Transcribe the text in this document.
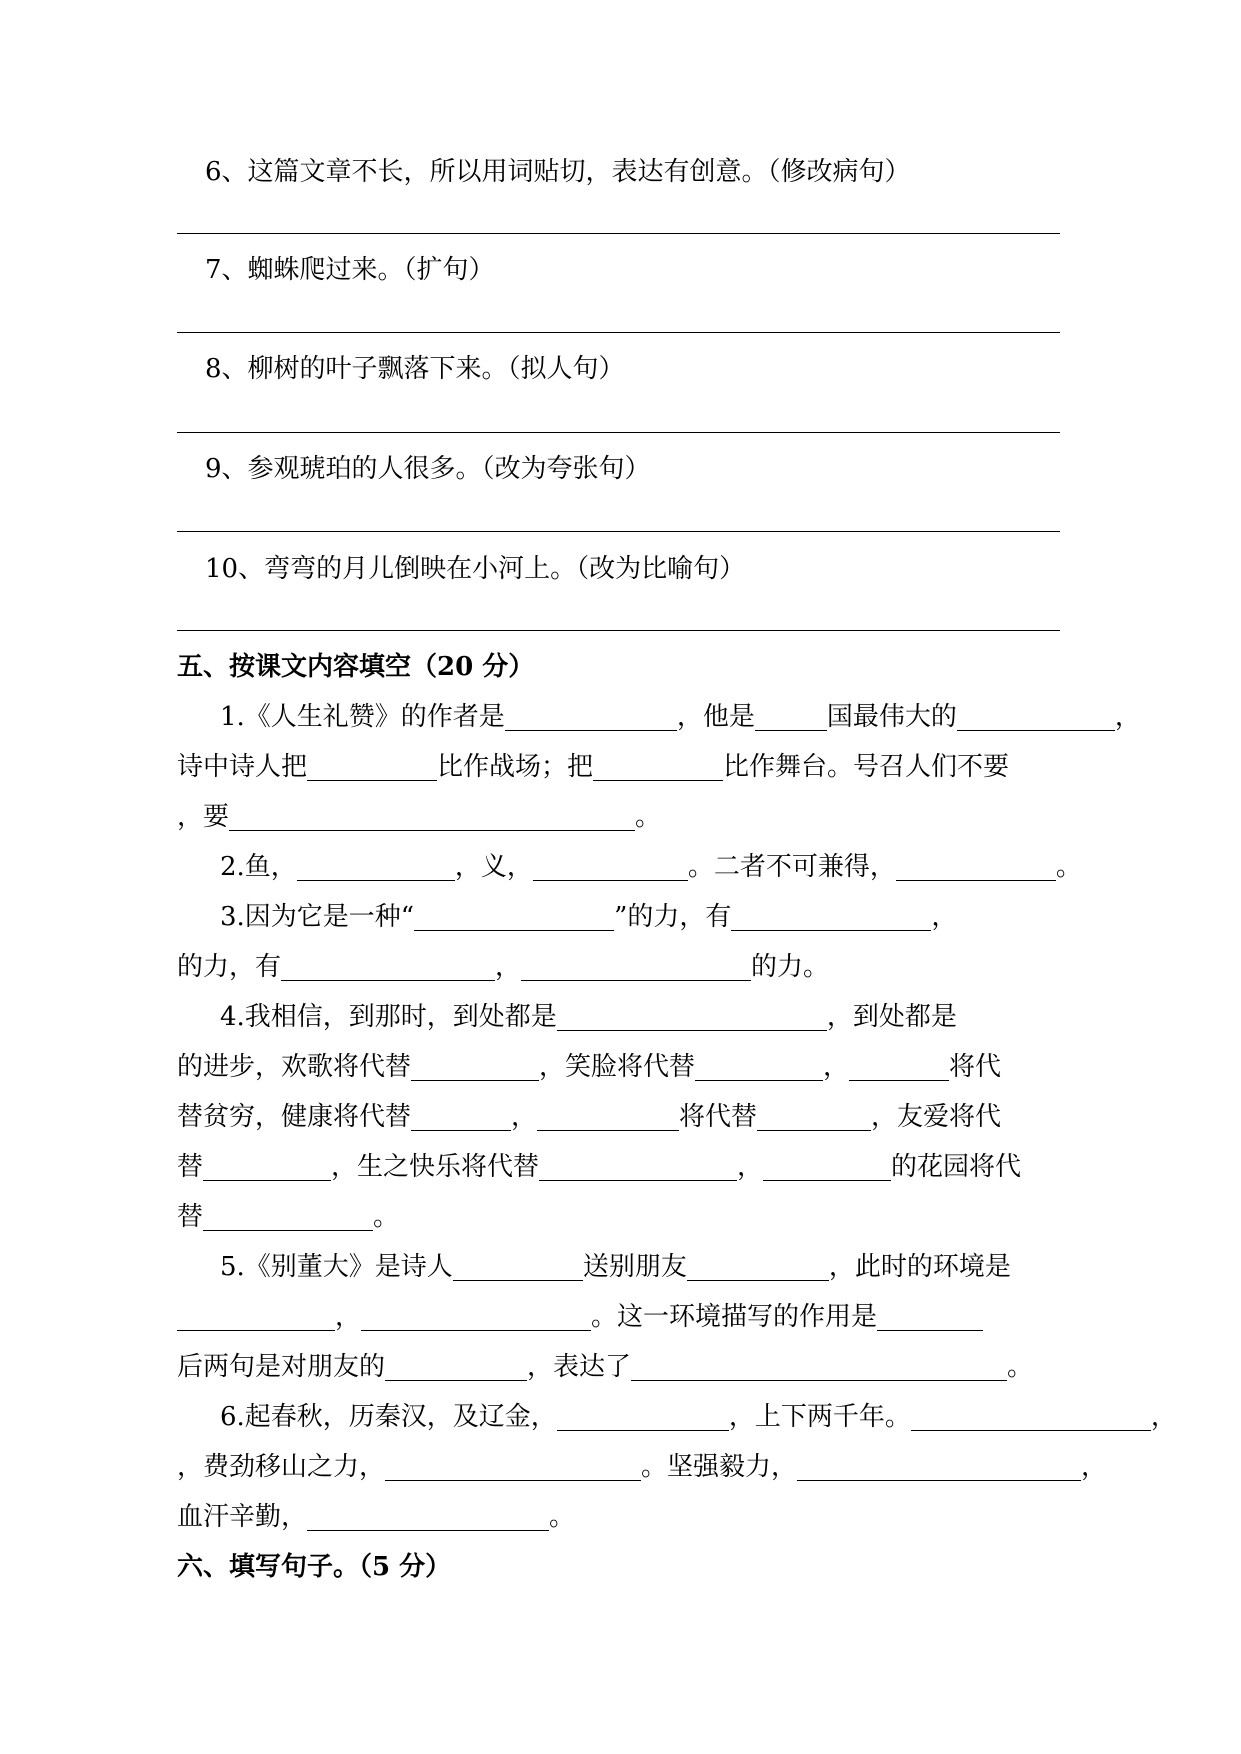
6、这篇文章不长，所以用词贴切，表达有创意。（修改病句）
7、蜘蛛爬过来。（扩句）
8、柳树的叶子飘落下来。（拟人句）
9、参观琥珀的人很多。（改为夸张句）
10、弯弯的月儿倒映在小河上。（改为比喻句）
五、按课文内容填空（20 分）
1.《人生礼赞》的作者是	，他是	国最伟大的	，
诗中诗人把	比作战场；把	比作舞台。号召人们不要
，要	。
2.鱼，	，义，	。二者不可兼得，	。
3.因为它是一种“	”的力，有	，
的力，有	，	的力。
4.我相信，到那时，到处都是	，到处都是
的进步，欢歌将代替	，笑脸将代替	，	将代
替贫穷，健康将代替	，	将代替	，友爱将代
替	，生之快乐将代替	，	的花园将代
替	。
5.《别董大》是诗人	送别朋友	，此时的环境是
，	。这一环境描写的作用是
后两句是对朋友的	，表达了	。
6.起春秋，历秦汉，及辽金，	，上下两千年。	，
，费劲移山之力，	。坚强毅力，	，
血汗辛勤，	。
六、填写句子。（5 分）
